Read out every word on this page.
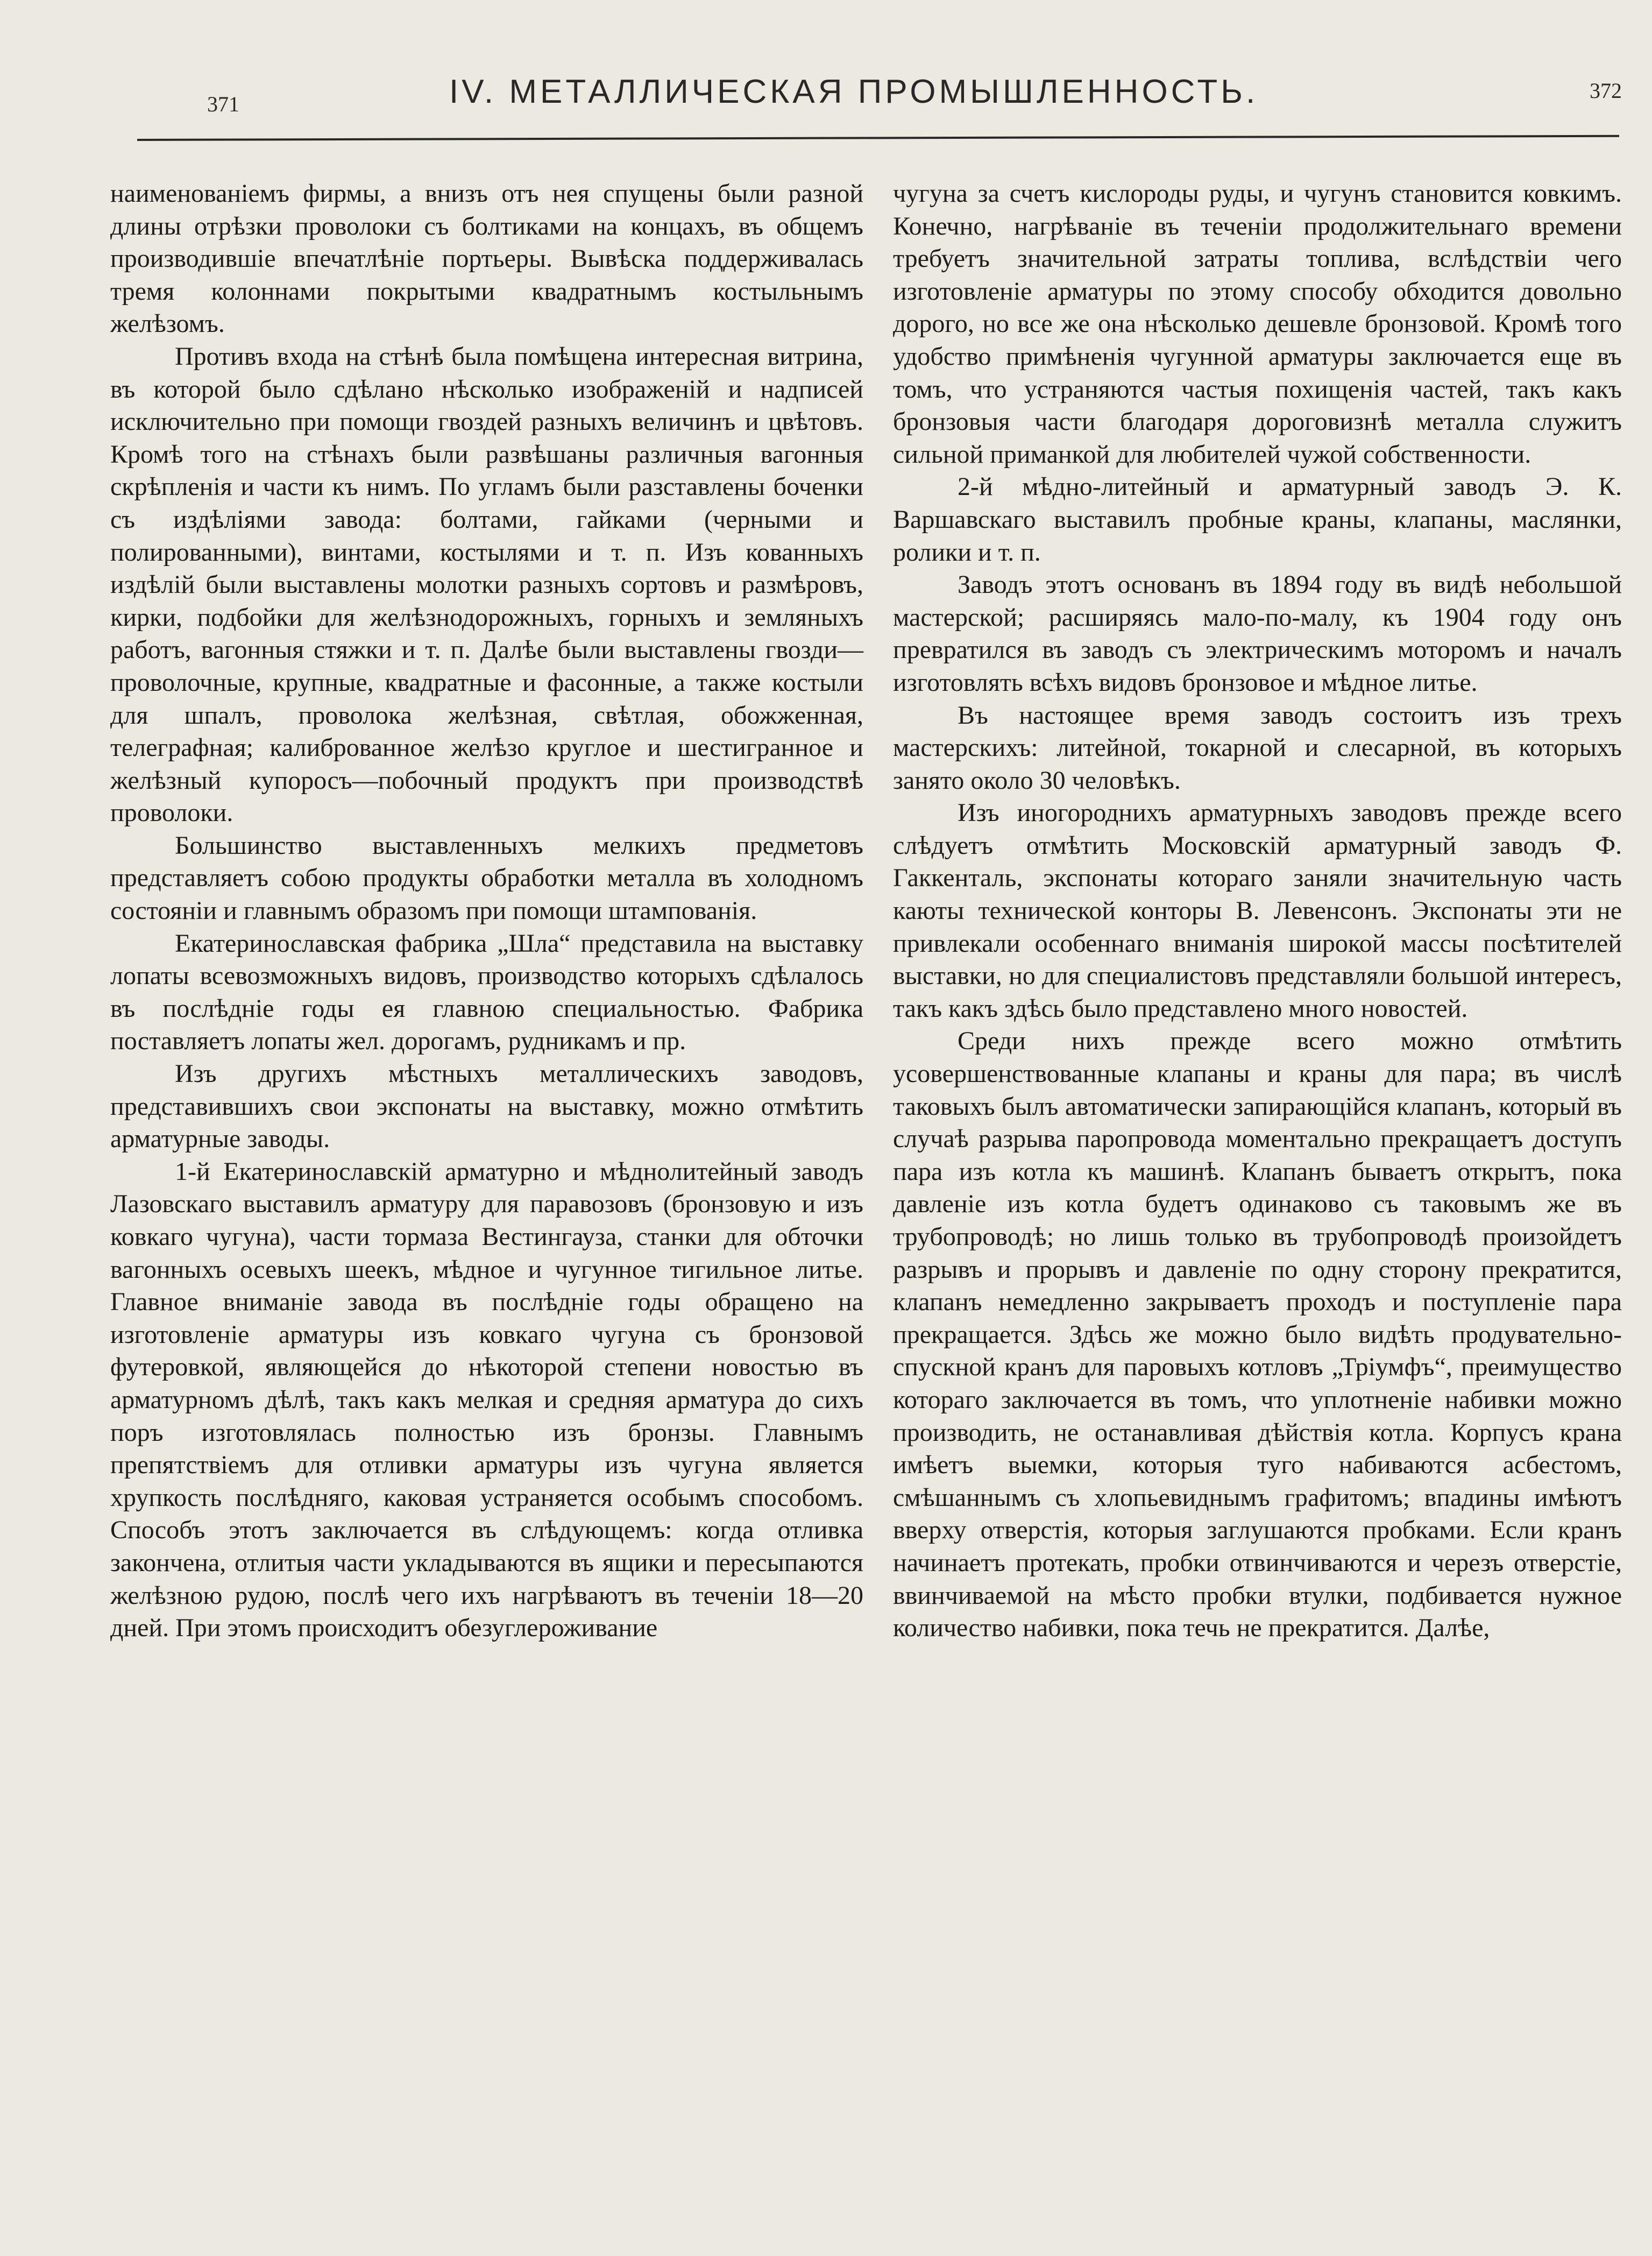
371	IV. МЕТАЛЛИЧЕСКАЯ ПРОМЫШЛЕННОСТЬ.	372

наименованіемъ фирмы, а внизъ отъ нея спущены были разной длины отрѣзки проволоки съ болтиками на концахъ, въ общемъ производившіе впечатлѣніе портьеры. Вывѣска поддерживалась тремя колоннами покрытыми квадратнымъ костыльнымъ желѣзомъ.

Противъ входа на стѣнѣ была помѣщена интересная витрина, въ которой было сдѣлано нѣсколько изображеній и надписей исключительно при помощи гвоздей разныхъ величинъ и цвѣтовъ. Кромѣ того на стѣнахъ были развѣшаны различныя вагонныя скрѣпленія и части къ нимъ. По угламъ были разставлены боченки съ издѣліями завода: болтами, гайками (черными и полированными), винтами, костылями и т. п. Изъ кованныхъ издѣлій были выставлены молотки разныхъ сортовъ и размѣровъ, кирки, подбойки для желѣзнодорожныхъ, горныхъ и земляныхъ работъ, вагонныя стяжки и т. п. Далѣе были выставлены гвозди—проволочные, крупные, квадратные и фасонные, а также костыли для шпалъ, проволока желѣзная, свѣтлая, обожженная, телеграфная; калиброванное желѣзо круглое и шестигранное и желѣзный купоросъ—побочный продуктъ при производствѣ проволоки.

Большинство выставленныхъ мелкихъ предметовъ представляетъ собою продукты обработки металла въ холодномъ состояніи и главнымъ образомъ при помощи штампованія.

Екатеринославская фабрика „Шла“ представила на выставку лопаты всевозможныхъ видовъ, производство которыхъ сдѣлалось въ послѣдніе годы ея главною специальностью. Фабрика поставляетъ лопаты жел. дорогамъ, рудникамъ и пр.

Изъ другихъ мѣстныхъ металлическихъ заводовъ, представившихъ свои экспонаты на выставку, можно отмѣтить арматурные заводы.

1-й Екатеринославскій арматурно и мѣднолитейный заводъ Лазовскаго выставилъ арматуру для паравозовъ (бронзовую и изъ ковкаго чугуна), части тормаза Вестингауза, станки для обточки вагонныхъ осевыхъ шеекъ, мѣдное и чугунное тигильное литье. Главное вниманіе завода въ послѣдніе годы обращено на изготовленіе арматуры изъ ковкаго чугуна съ бронзовой футеровкой, являющейся до нѣкоторой степени новостью въ арматурномъ дѣлѣ, такъ какъ мелкая и средняя арматура до сихъ поръ изготовлялась полностью изъ бронзы. Главнымъ препятствіемъ для отливки арматуры изъ чугуна является хрупкость послѣдняго, каковая устраняется особымъ способомъ. Способъ этотъ заключается въ слѣдующемъ: когда отливка закончена, отлитыя части укладываются въ ящики и пересыпаются желѣзною рудою, послѣ чего ихъ нагрѣваютъ въ теченіи 18—20 дней. При этомъ происходитъ обезуглероживание

чугуна за счетъ кислороды руды, и чугунъ становится ковкимъ. Конечно, нагрѣваніе въ теченіи продолжительнаго времени требуетъ значительной затраты топлива, вслѣдствіи чего изготовленіе арматуры по этому способу обходится довольно дорого, но все же она нѣсколько дешевле бронзовой. Кромѣ того удобство примѣненія чугунной арматуры заключается еще въ томъ, что устраняются частыя похищенія частей, такъ какъ бронзовыя части благодаря дороговизнѣ металла служитъ сильной приманкой для любителей чужой собственности.

2-й мѣдно-литейный и арматурный заводъ Э. К. Варшавскаго выставилъ пробные краны, клапаны, маслянки, ролики и т. п.

Заводъ этотъ основанъ въ 1894 году въ видѣ небольшой мастерской; расширяясь мало-по-малу, къ 1904 году онъ превратился въ заводъ съ электрическимъ моторомъ и началъ изготовлять всѣхъ видовъ бронзовое и мѣдное литье.

Въ настоящее время заводъ состоитъ изъ трехъ мастерскихъ: литейной, токарной и слесарной, въ которыхъ занято около 30 человѣкъ.

Изъ иногороднихъ арматурныхъ заводовъ прежде всего слѣдуетъ отмѣтить Московскій арматурный заводъ Ф. Гаккенталь, экспонаты котораго заняли значительную часть каюты технической конторы В. Левенсонъ. Экспонаты эти не привлекали особеннаго вниманія широкой массы посѣтителей выставки, но для специалистовъ представляли большой интересъ, такъ какъ здѣсь было представлено много новостей.

Среди нихъ прежде всего можно отмѣтить усовершенствованные клапаны и краны для пара; въ числѣ таковыхъ былъ автоматически запирающійся клапанъ, который въ случаѣ разрыва паропровода моментально прекращаетъ доступъ пара изъ котла къ машинѣ. Клапанъ бываетъ открытъ, пока давленіе изъ котла будетъ одинаково съ таковымъ же въ трубопроводѣ; но лишь только въ трубопроводѣ произойдетъ разрывъ и прорывъ и давленіе по одну сторону прекратится, клапанъ немедленно закрываетъ проходъ и поступленіе пара прекращается. Здѣсь же можно было видѣть продувательно-спускной кранъ для паровыхъ котловъ „Тріумфъ“, преимущество котораго заключается въ томъ, что уплотненіе набивки можно производить, не останавливая дѣйствія котла. Корпусъ крана имѣетъ выемки, которыя туго набиваются асбестомъ, смѣшаннымъ съ хлопьевиднымъ графитомъ; впадины имѣютъ вверху отверстія, которыя заглушаются пробками. Если кранъ начинаетъ протекать, пробки отвинчиваются и черезъ отверстіе, ввинчиваемой на мѣсто пробки втулки, подбивается нужное количество набивки, пока течь не прекратится. Далѣе,
